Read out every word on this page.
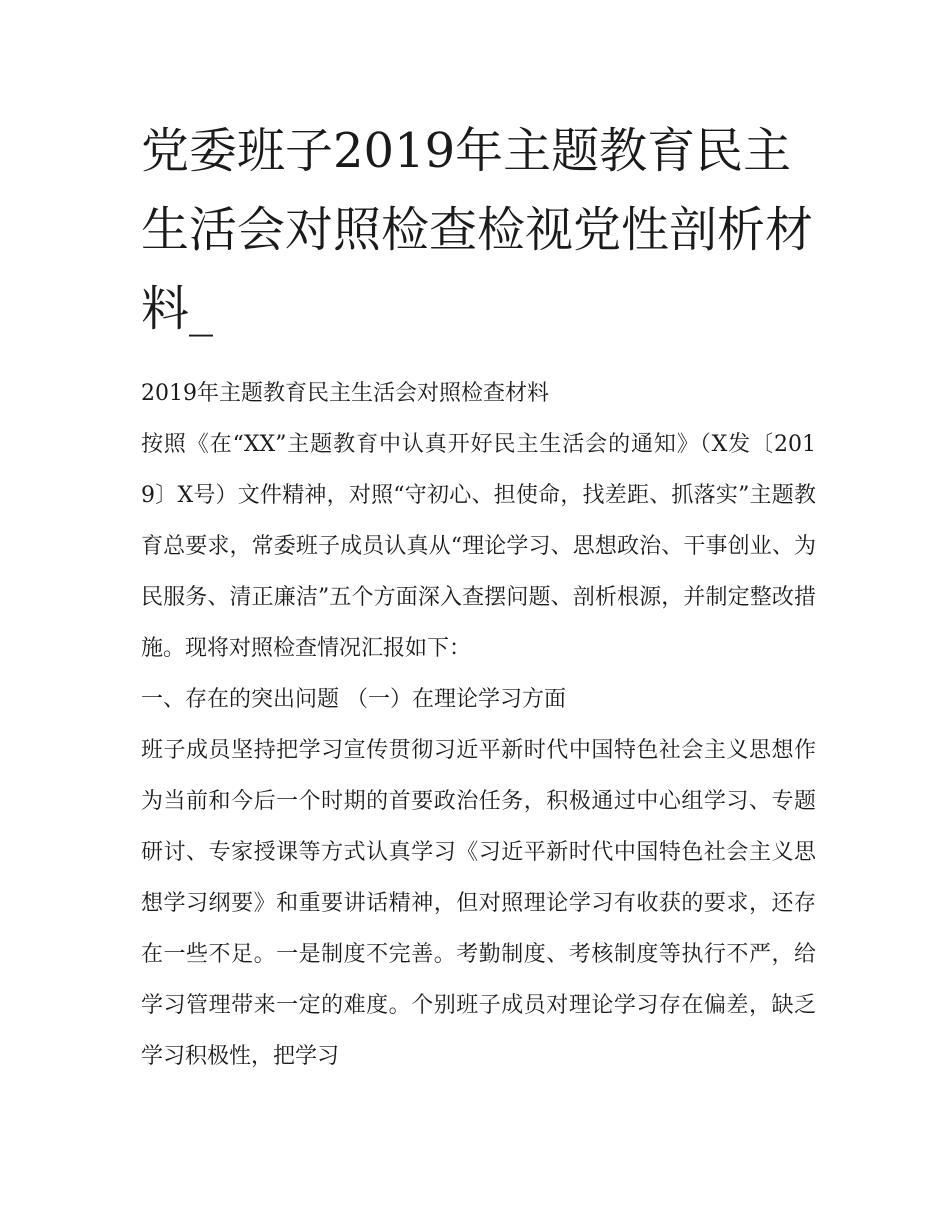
党委班子2019年主题教育民主生活会对照检查检视党性剖析材料_

2019年主题教育民主生活会对照检查材料

按照《在“XX”主题教育中认真开好民主生活会的通知》（X发〔2019〕X号）文件精神，对照“守初心、担使命，找差距、抓落实”主题教育总要求，常委班子成员认真从“理论学习、思想政治、干事创业、为民服务、清正廉洁”五个方面深入查摆问题、剖析根源，并制定整改措施。现将对照检查情况汇报如下：

一、存在的突出问题 （一）在理论学习方面

班子成员坚持把学习宣传贯彻习近平新时代中国特色社会主义思想作为当前和今后一个时期的首要政治任务，积极通过中心组学习、专题研讨、专家授课等方式认真学习《习近平新时代中国特色社会主义思想学习纲要》和重要讲话精神，但对照理论学习有收获的要求，还存在一些不足。一是制度不完善。考勤制度、考核制度等执行不严，给学习管理带来一定的难度。个别班子成员对理论学习存在偏差，缺乏学习积极性，把学习
